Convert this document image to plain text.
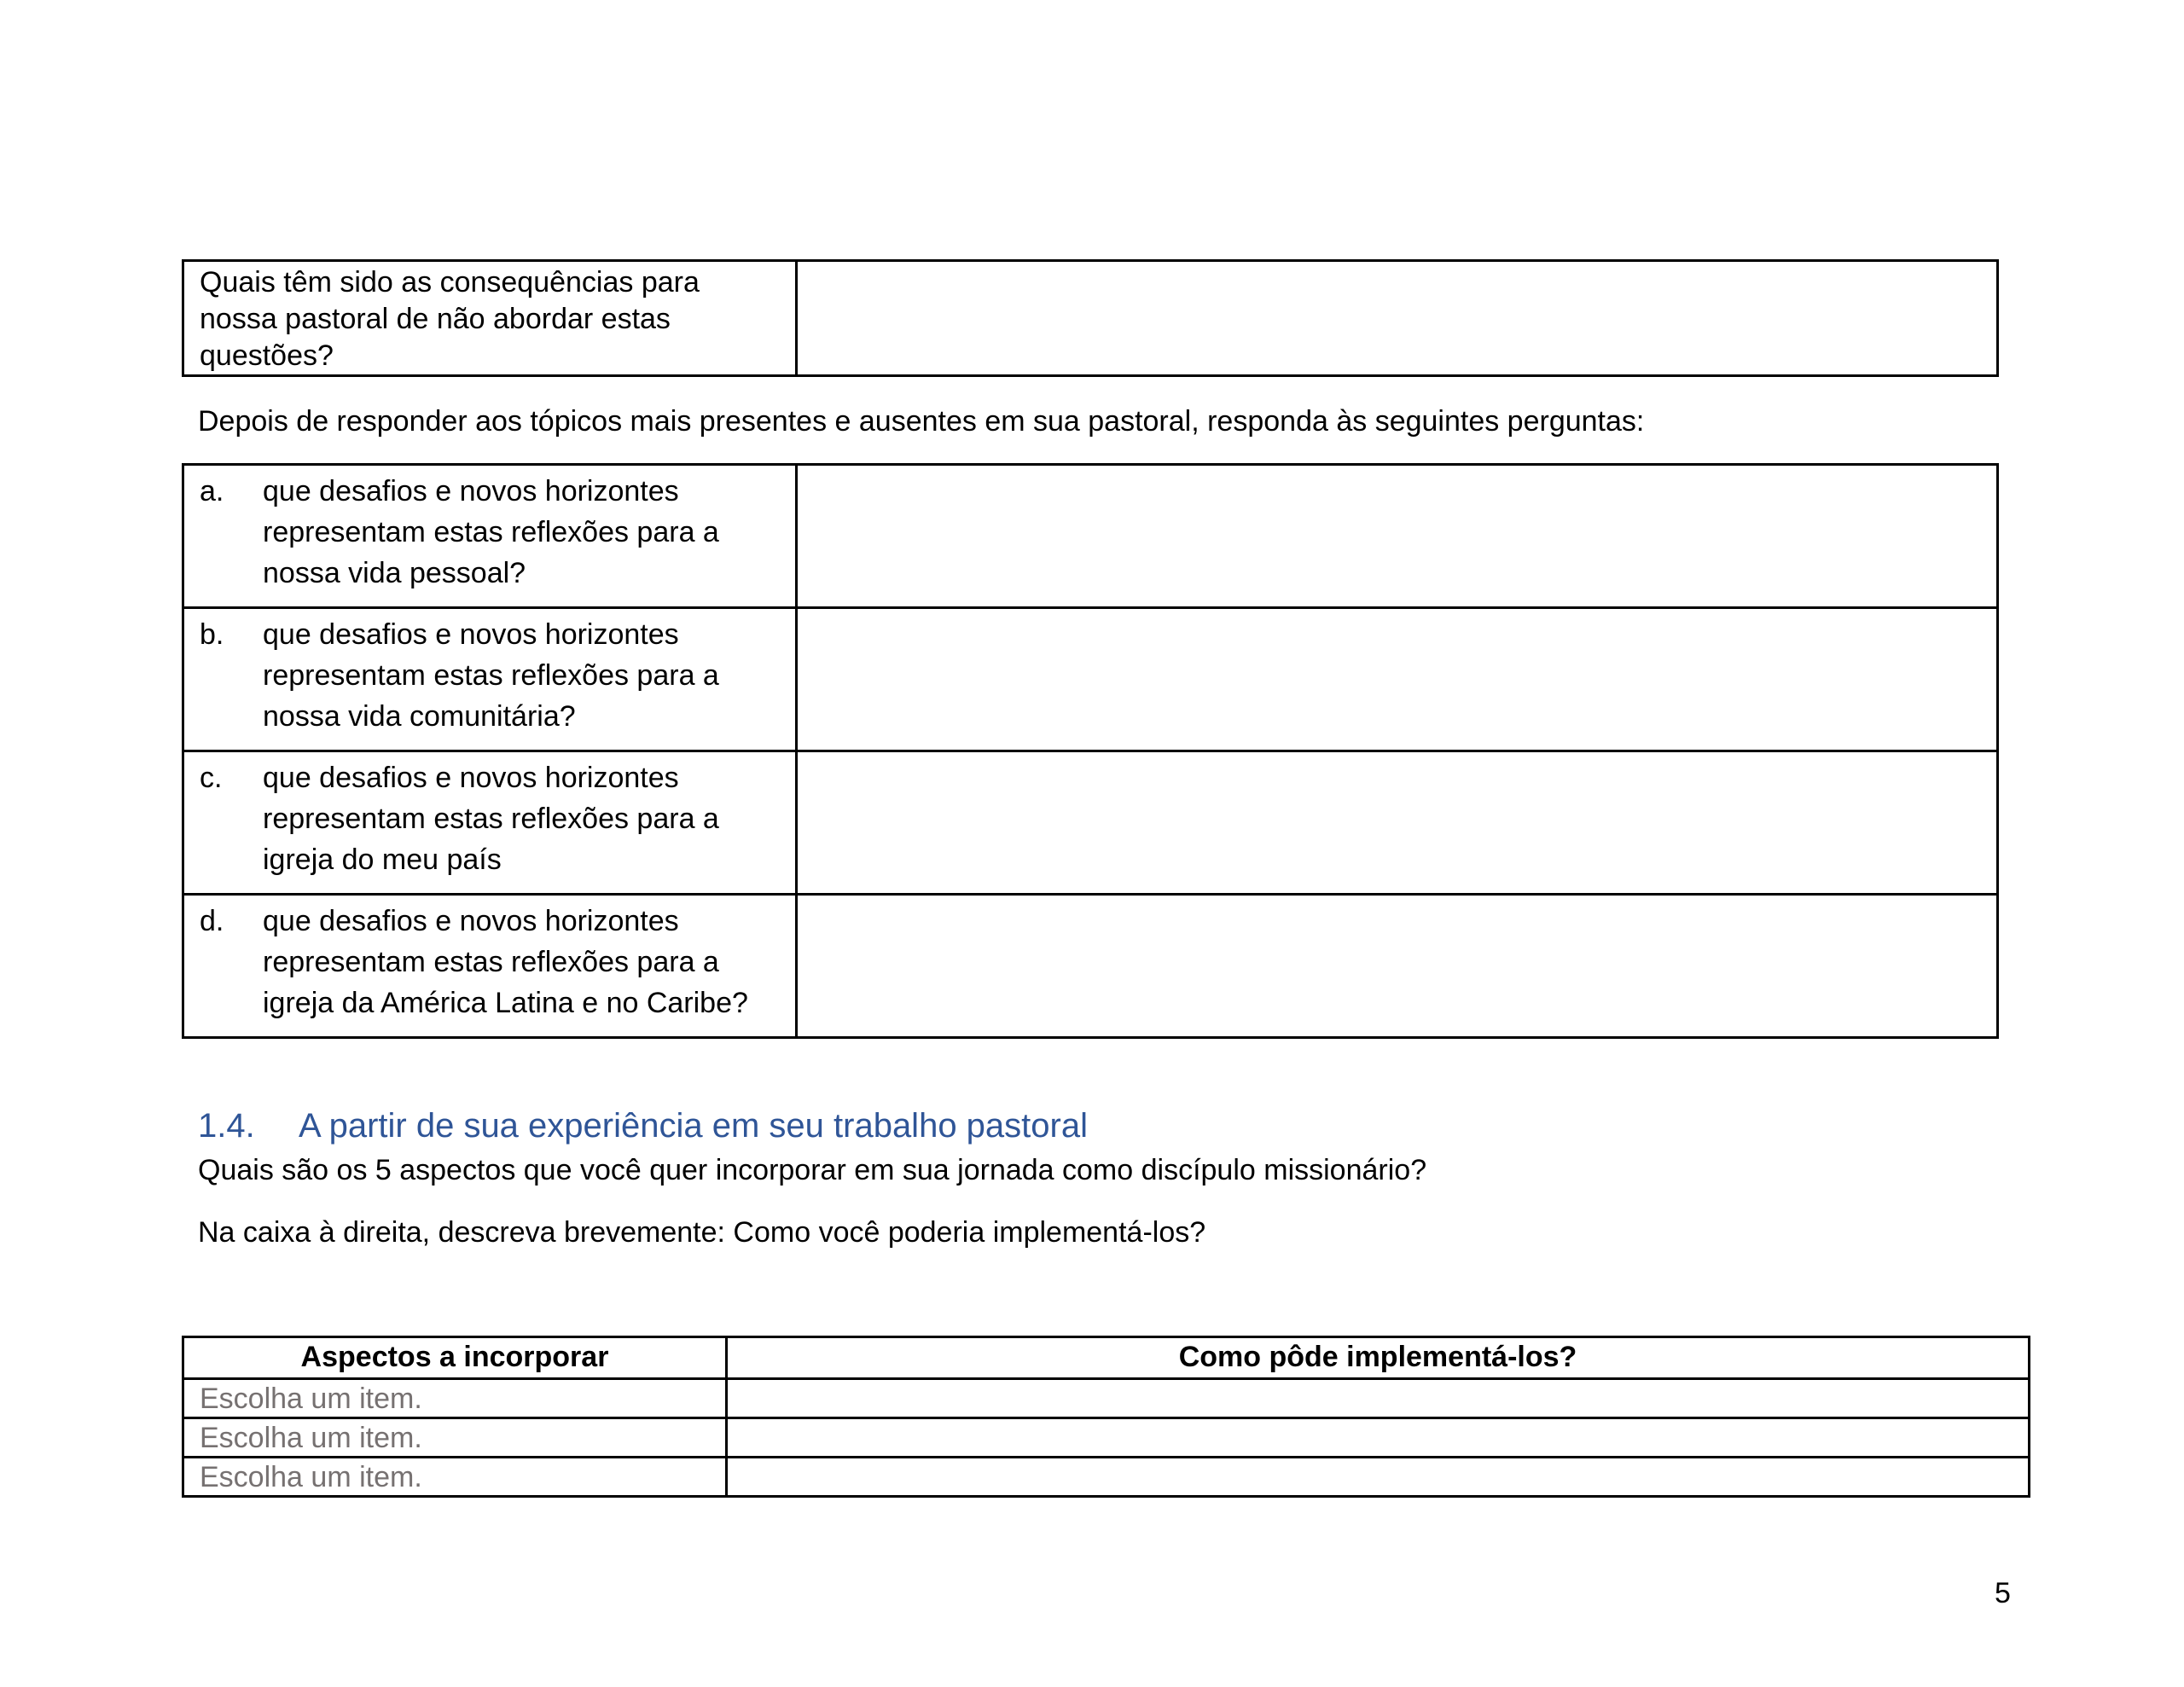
Quais têm sido as consequências para nossa pastoral de não abordar estas questões?

Depois de responder aos tópicos mais presentes e ausentes em sua pastoral, responda às seguintes perguntas:
a. que desafios e novos horizontes representam estas reflexões para a nossa vida pessoal?	

b. que desafios e novos horizontes representam estas reflexões para a nossa vida comunitária?	

c. que desafios e novos horizontes representam estas reflexões para a igreja do meu país	

d. que desafios e novos horizontes representam estas reflexões para a igreja da América Latina e no Caribe?	

1.4. A partir de sua experiência em seu trabalho pastoral
Quais são os 5 aspectos que você quer incorporar em sua jornada como discípulo missionário?
Na caixa à direita, descreva brevemente: Como você poderia implementá-los?
Aspectos a incorporar	Como pôde implementá-los?

Escolha um item.	

Escolha um item.	

Escolha um item.	

5
